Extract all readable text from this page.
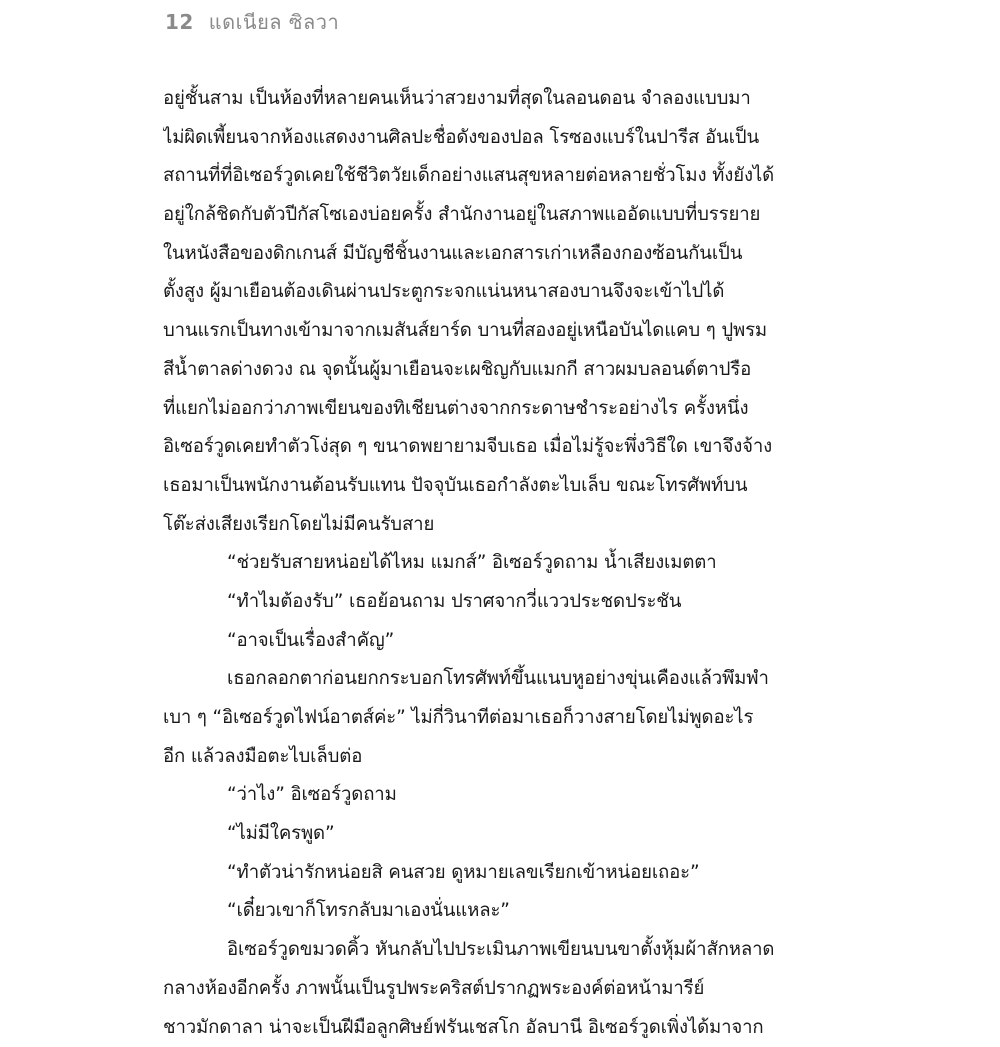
12 แดเนียล ซิลวา
อยู่ชั้นสาม เป็นห้องที่หลายคนเห็นว่าสวยงามที่สุดในลอนดอน จำลองแบบมา
ไม่ผิดเพี้ยนจากห้องแสดงงานศิลปะชื่อดังของปอล โรซองแบร์ในปารีส อันเป็น
สถานที่ที่อิเซอร์วูดเคยใช้ชีวิตวัยเด็กอย่างแสนสุขหลายต่อหลายชั่วโมง ทั้งยังได้
อยู่ใกล้ชิดกับตัวปีกัสโซเองบ่อยครั้ง สำนักงานอยู่ในสภาพแออัดแบบที่บรรยาย
ในหนังสือของดิกเกนส์ มีบัญชีชิ้นงานและเอกสารเก่าเหลืองกองซ้อนกันเป็น
ตั้งสูง ผู้มาเยือนต้องเดินผ่านประตูกระจกแน่นหนาสองบานจึงจะเข้าไปได้
บานแรกเป็นทางเข้ามาจากเมสันส์ยาร์ด บานที่สองอยู่เหนือบันไดแคบ ๆ ปูพรม
สีน้ำตาลด่างดวง ณ จุดนั้นผู้มาเยือนจะเผชิญกับแมกกี สาวผมบลอนด์ตาปรือ
ที่แยกไม่ออกว่าภาพเขียนของทิเชียนต่างจากกระดาษชำระอย่างไร ครั้งหนึ่ง
อิเซอร์วูดเคยทำตัวโง่สุด ๆ ขนาดพยายามจีบเธอ เมื่อไม่รู้จะพึ่งวิธีใด เขาจึงจ้าง
เธอมาเป็นพนักงานต้อนรับแทน ปัจจุบันเธอกำลังตะไบเล็บ ขณะโทรศัพท์บน
โต๊ะส่งเสียงเรียกโดยไม่มีคนรับสาย
“ช่วยรับสายหน่อยได้ไหม แมกส์” อิเซอร์วูดถาม น้ำเสียงเมตตา
“ทำไมต้องรับ” เธอย้อนถาม ปราศจากวี่แววประชดประชัน
“อาจเป็นเรื่องสำคัญ”
เธอกลอกตาก่อนยกกระบอกโทรศัพท์ขึ้นแนบหูอย่างขุ่นเคืองแล้วพึมพำ
เบา ๆ “อิเซอร์วูดไฟน์อาตส์ค่ะ” ไม่กี่วินาทีต่อมาเธอก็วางสายโดยไม่พูดอะไร
อีก แล้วลงมือตะไบเล็บต่อ
“ว่าไง” อิเซอร์วูดถาม
“ไม่มีใครพูด”
“ทำตัวน่ารักหน่อยสิ คนสวย ดูหมายเลขเรียกเข้าหน่อยเถอะ”
“เดี๋ยวเขาก็โทรกลับมาเองนั่นแหละ”
อิเซอร์วูดขมวดคิ้ว หันกลับไปประเมินภาพเขียนบนขาตั้งหุ้มผ้าสักหลาด
กลางห้องอีกครั้ง ภาพนั้นเป็นรูปพระคริสต์ปรากฏพระองค์ต่อหน้ามารีย์
ชาวมักดาลา น่าจะเป็นฝีมือลูกศิษย์ฟรันเชสโก อัลบานี อิเซอร์วูดเพิ่งได้มาจาก
